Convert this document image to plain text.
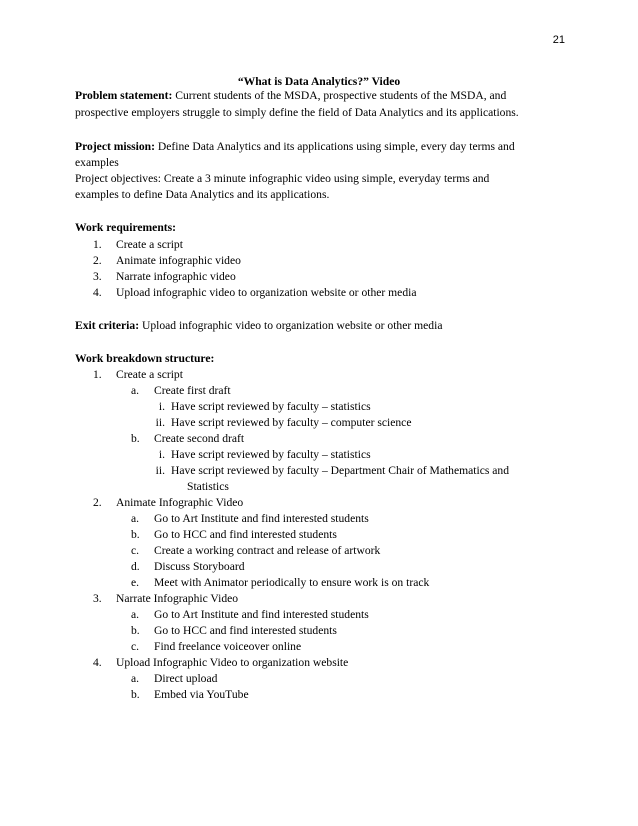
21
“What is Data Analytics?” Video
Problem statement: Current students of the MSDA, prospective students of the MSDA, and
prospective employers struggle to simply define the field of Data Analytics and its applications.
Project mission: Define Data Analytics and its applications using simple, every day terms and
examples
Project objectives: Create a 3 minute infographic video using simple, everyday terms and
examples to define Data Analytics and its applications.
Work requirements:
1. Create a script
2. Animate infographic video
3. Narrate infographic video
4. Upload infographic video to organization website or other media
Exit criteria: Upload infographic video to organization website or other media
Work breakdown structure:
1. Create a script
a. Create first draft
i. Have script reviewed by faculty – statistics
ii. Have script reviewed by faculty – computer science
b. Create second draft
i. Have script reviewed by faculty – statistics
ii. Have script reviewed by faculty – Department Chair of Mathematics and
Statistics
2. Animate Infographic Video
a. Go to Art Institute and find interested students
b. Go to HCC and find interested students
c. Create a working contract and release of artwork
d. Discuss Storyboard
e. Meet with Animator periodically to ensure work is on track
3. Narrate Infographic Video
a. Go to Art Institute and find interested students
b. Go to HCC and find interested students
c. Find freelance voiceover online
4. Upload Infographic Video to organization website
a. Direct upload
b. Embed via YouTube
